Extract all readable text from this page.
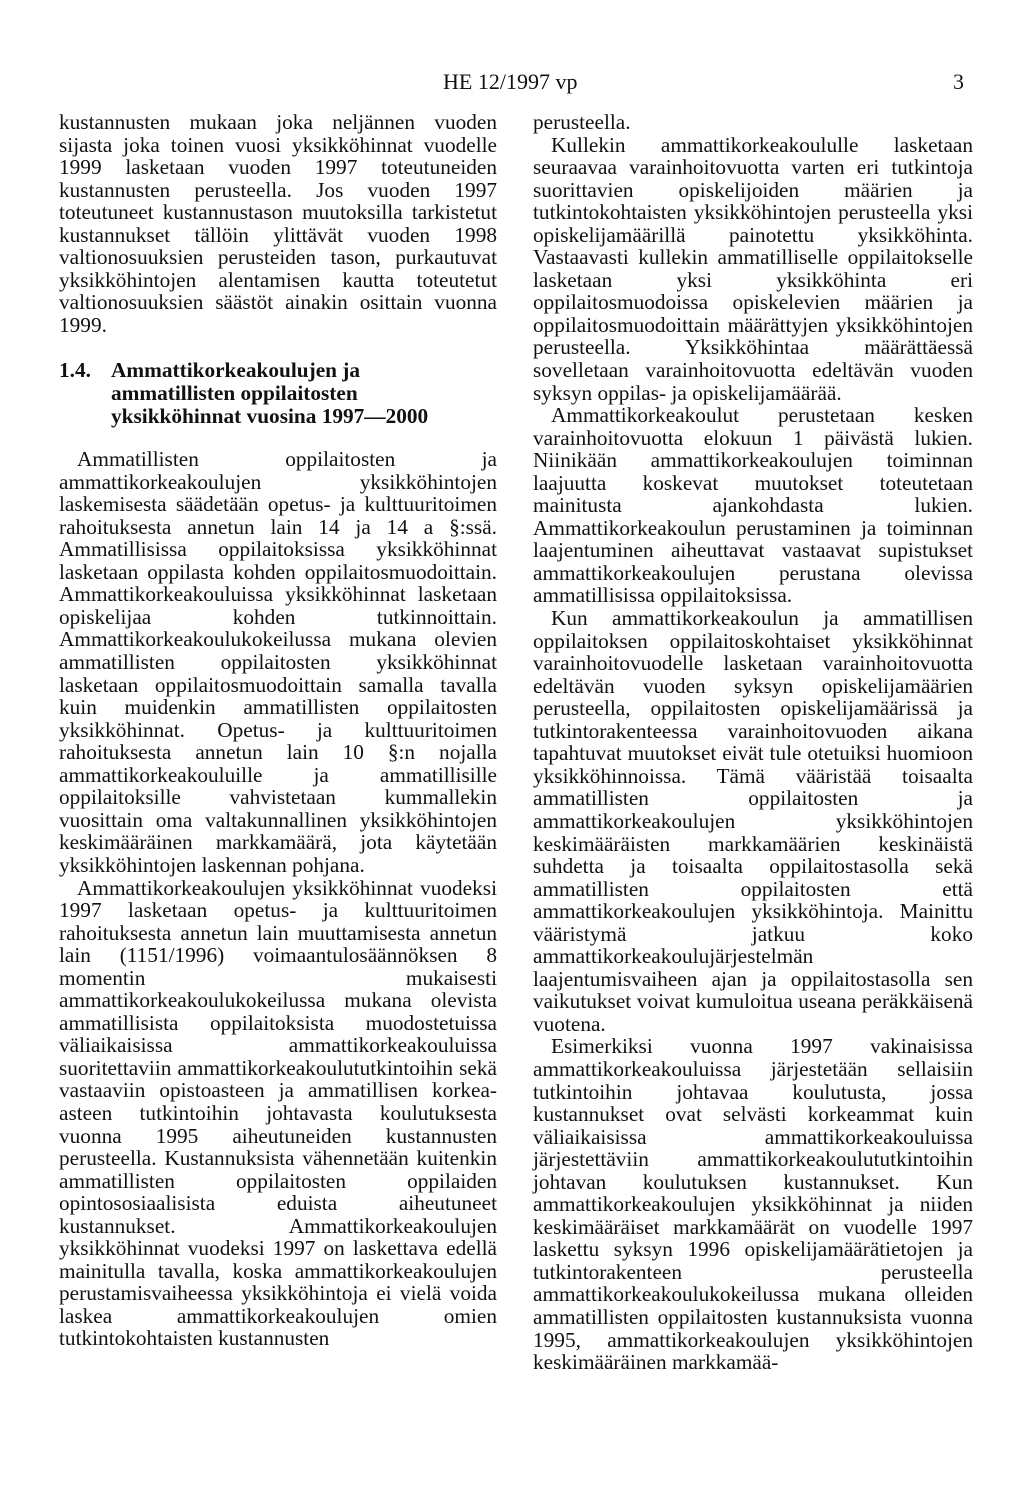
HE 12/1997 vp	3

kustannusten mukaan joka neljännen vuoden sijasta joka toinen vuosi yksikköhinnat vuodelle 1999 lasketaan vuoden 1997 toteutuneiden kustannusten perusteella. Jos vuoden 1997 toteutuneet kustannustason muutoksilla tarkistetut kustannukset tällöin ylittävät vuoden 1998 valtionosuuksien perusteiden tason, purkautuvat yksikköhintojen alentamisen kautta toteutetut valtionosuuksien säästöt ainakin osittain vuonna 1999.

1.4. Ammattikorkeakoulujen ja
ammatillisten oppilaitosten
yksikköhinnat vuosina 1997—2000

Ammatillisten oppilaitosten ja ammattikorkeakoulujen yksikköhintojen laskemisesta säädetään opetus- ja kulttuuritoimen rahoituksesta annetun lain 14 ja 14 a §:ssä. Ammatillisissa oppilaitoksissa yksikköhinnat lasketaan oppilasta kohden oppilaitosmuodoittain. Ammattikorkeakouluissa yksikköhinnat lasketaan opiskelijaa kohden tutkinnoittain. Ammattikorkeakoulukokeilussa mukana olevien ammatillisten oppilaitosten yksikköhinnat lasketaan oppilaitosmuodoittain samalla tavalla kuin muidenkin ammatillisten oppilaitosten yksikköhinnat. Opetus- ja kulttuuritoimen rahoituksesta annetun lain 10 §:n nojalla ammattikorkeakouluille ja ammatillisille oppilaitoksille vahvistetaan kummallekin vuosittain oma valtakunnallinen yksikköhintojen keskimääräinen markkamäärä, jota käytetään yksikköhintojen laskennan pohjana.

Ammattikorkeakoulujen yksikköhinnat vuodeksi 1997 lasketaan opetus- ja kulttuuritoimen rahoituksesta annetun lain muuttamisesta annetun lain (1151/1996) voimaantulosäännöksen 8 momentin mukaisesti ammattikorkeakoulukokeilussa mukana olevista ammatillisista oppilaitoksista muodostetuissa väliaikaisissa ammattikorkeakouluissa suoritettaviin ammattikorkeakoulututkintoihin sekä vastaaviin opistoasteen ja ammatillisen korkea-asteen tutkintoihin johtavasta koulutuksesta vuonna 1995 aiheutuneiden kustannusten perusteella. Kustannuksista vähennetään kuitenkin ammatillisten oppilaitosten oppilaiden opintososiaalisista eduista aiheutuneet kustannukset. Ammattikorkeakoulujen yksikköhinnat vuodeksi 1997 on laskettava edellä mainitulla tavalla, koska ammattikorkeakoulujen perustamisvaiheessa yksikköhintoja ei vielä voida laskea ammattikorkeakoulujen omien tutkintokohtaisten kustannusten

perusteella.

Kullekin ammattikorkeakoululle lasketaan seuraavaa varainhoitovuotta varten eri tutkintoja suorittavien opiskelijoiden määrien ja tutkintokohtaisten yksikköhintojen perusteella yksi opiskelijamäärillä painotettu yksikköhinta. Vastaavasti kullekin ammatilliselle oppilaitokselle lasketaan yksi yksikköhinta eri oppilaitosmuodoissa opiskelevien määrien ja oppilaitosmuodoittain määrättyjen yksikköhintojen perusteella. Yksikköhintaa määrättäessä sovelletaan varainhoitovuotta edeltävän vuoden syksyn oppilas- ja opiskelijamäärää.

Ammattikorkeakoulut perustetaan kesken varainhoitovuotta elokuun 1 päivästä lukien. Niinikään ammattikorkeakoulujen toiminnan laajuutta koskevat muutokset toteutetaan mainitusta ajankohdasta lukien. Ammattikorkeakoulun perustaminen ja toiminnan laajentuminen aiheuttavat vastaavat supistukset ammattikorkeakoulujen perustana olevissa ammatillisissa oppilaitoksissa.

Kun ammattikorkeakoulun ja ammatillisen oppilaitoksen oppilaitoskohtaiset yksikköhinnat varainhoitovuodelle lasketaan varainhoitovuotta edeltävän vuoden syksyn opiskelijamäärien perusteella, oppilaitosten opiskelijamäärissä ja tutkintorakenteessa varainhoitovuoden aikana tapahtuvat muutokset eivät tule otetuiksi huomioon yksikköhinnoissa. Tämä vääristää toisaalta ammatillisten oppilaitosten ja ammattikorkeakoulujen yksikköhintojen keskimääräisten markkamäärien keskinäistä suhdetta ja toisaalta oppilaitostasolla sekä ammatillisten oppilaitosten että ammattikorkeakoulujen yksikköhintoja. Mainittu vääristymä jatkuu koko ammattikorkeakoulujärjestelmän laajentumisvaiheen ajan ja oppilaitostasolla sen vaikutukset voivat kumuloitua useana peräkkäisenä vuotena.

Esimerkiksi vuonna 1997 vakinaisissa ammattikorkeakouluissa järjestetään sellaisiin tutkintoihin johtavaa koulutusta, jossa kustannukset ovat selvästi korkeammat kuin väliaikaisissa ammattikorkeakouluissa järjestettäviin ammattikorkeakoulututkintoihin johtavan koulutuksen kustannukset. Kun ammattikorkeakoulujen yksikköhinnat ja niiden keskimääräiset markkamäärät on vuodelle 1997 laskettu syksyn 1996 opiskelijamäärätietojen ja tutkintorakenteen perusteella ammattikorkeakoulukokeilussa mukana olleiden ammatillisten oppilaitosten kustannuksista vuonna 1995, ammattikorkeakoulujen yksikköhintojen keskimääräinen markkamää-
